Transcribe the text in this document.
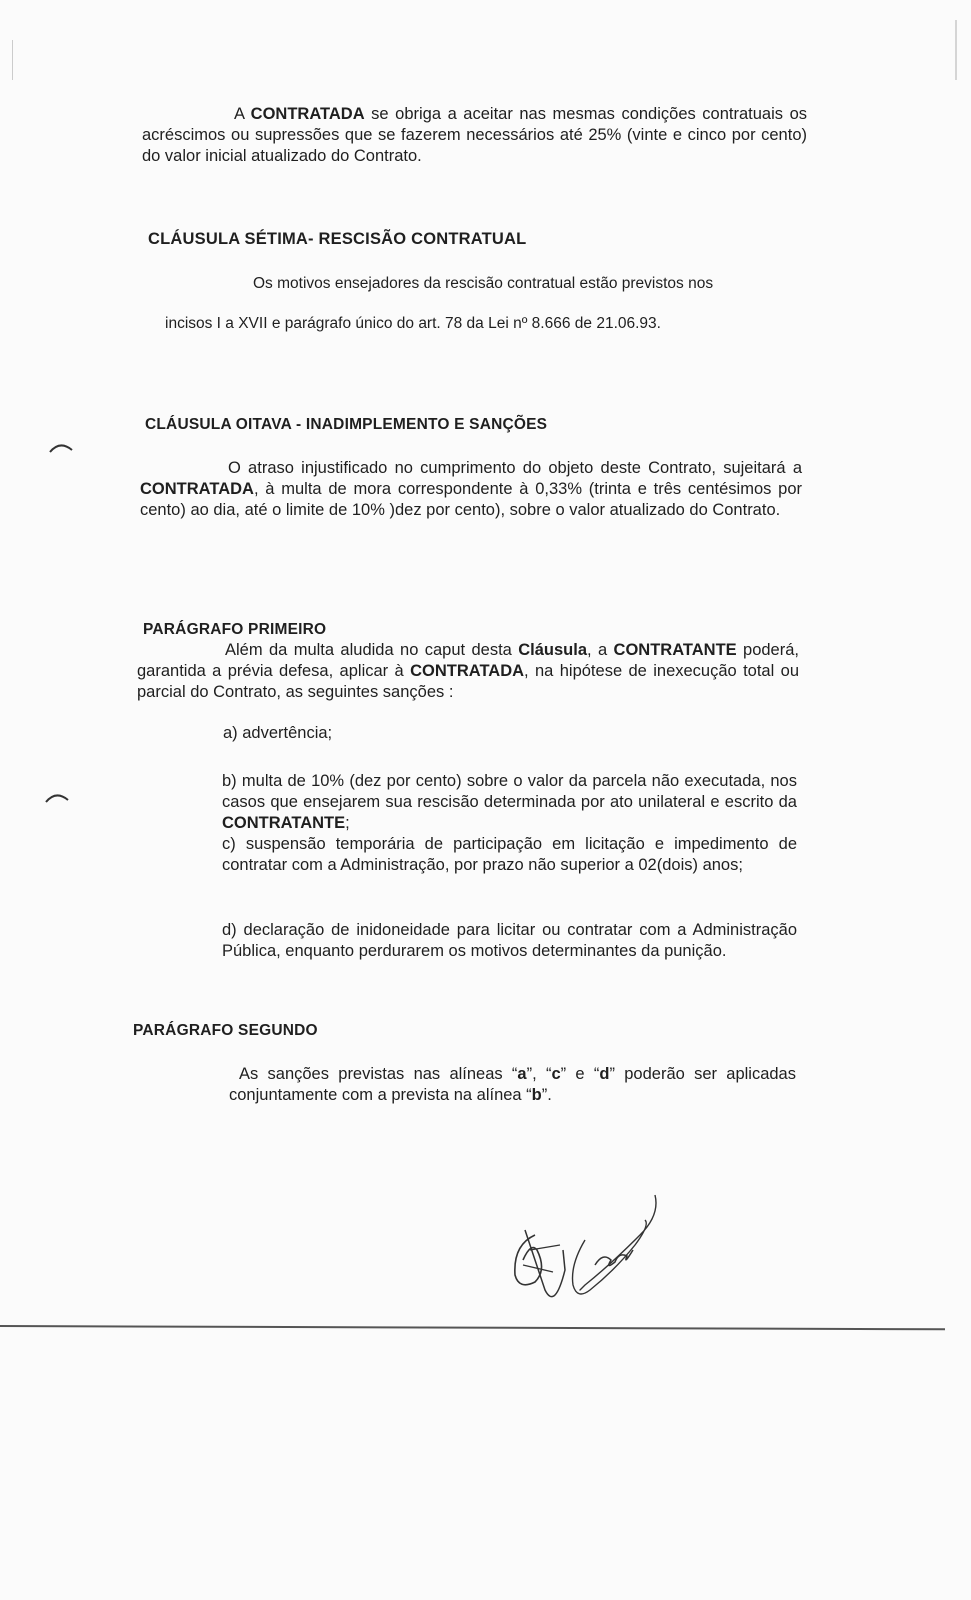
A CONTRATADA se obriga a aceitar nas mesmas condições contratuais os acréscimos ou supressões que se fazerem necessários até 25% (vinte e cinco por cento) do valor inicial atualizado do Contrato.
CLÁUSULA SÉTIMA- RESCISÃO CONTRATUAL
Os motivos ensejadores da rescisão contratual estão previstos nos
incisos I a XVII e parágrafo único do art. 78 da Lei nº 8.666 de 21.06.93.
CLÁUSULA OITAVA - INADIMPLEMENTO E SANÇÕES
O atraso injustificado no cumprimento do objeto deste Contrato, sujeitará a CONTRATADA, à multa de mora correspondente à 0,33% (trinta e três centésimos por cento) ao dia, até o limite de 10% )dez por cento), sobre o valor atualizado do Contrato.
PARÁGRAFO PRIMEIRO
Além da multa aludida no caput desta Cláusula, a CONTRATANTE poderá, garantida a prévia defesa, aplicar à CONTRATADA, na hipótese de inexecução total ou parcial do Contrato, as seguintes sanções :
a) advertência;
b) multa de 10% (dez por cento) sobre o valor da parcela não executada, nos casos que ensejarem sua rescisão determinada por ato unilateral e escrito da CONTRATANTE;
c) suspensão temporária de participação em licitação e impedimento de contratar com a Administração, por prazo não superior a 02(dois) anos;
d) declaração de inidoneidade para licitar ou contratar com a Administração Pública, enquanto perdurarem os motivos determinantes da punição.
PARÁGRAFO SEGUNDO
As sanções previstas nas alíneas “a”, “c” e “d” poderão ser aplicadas conjuntamente com a prevista na alínea “b”.
